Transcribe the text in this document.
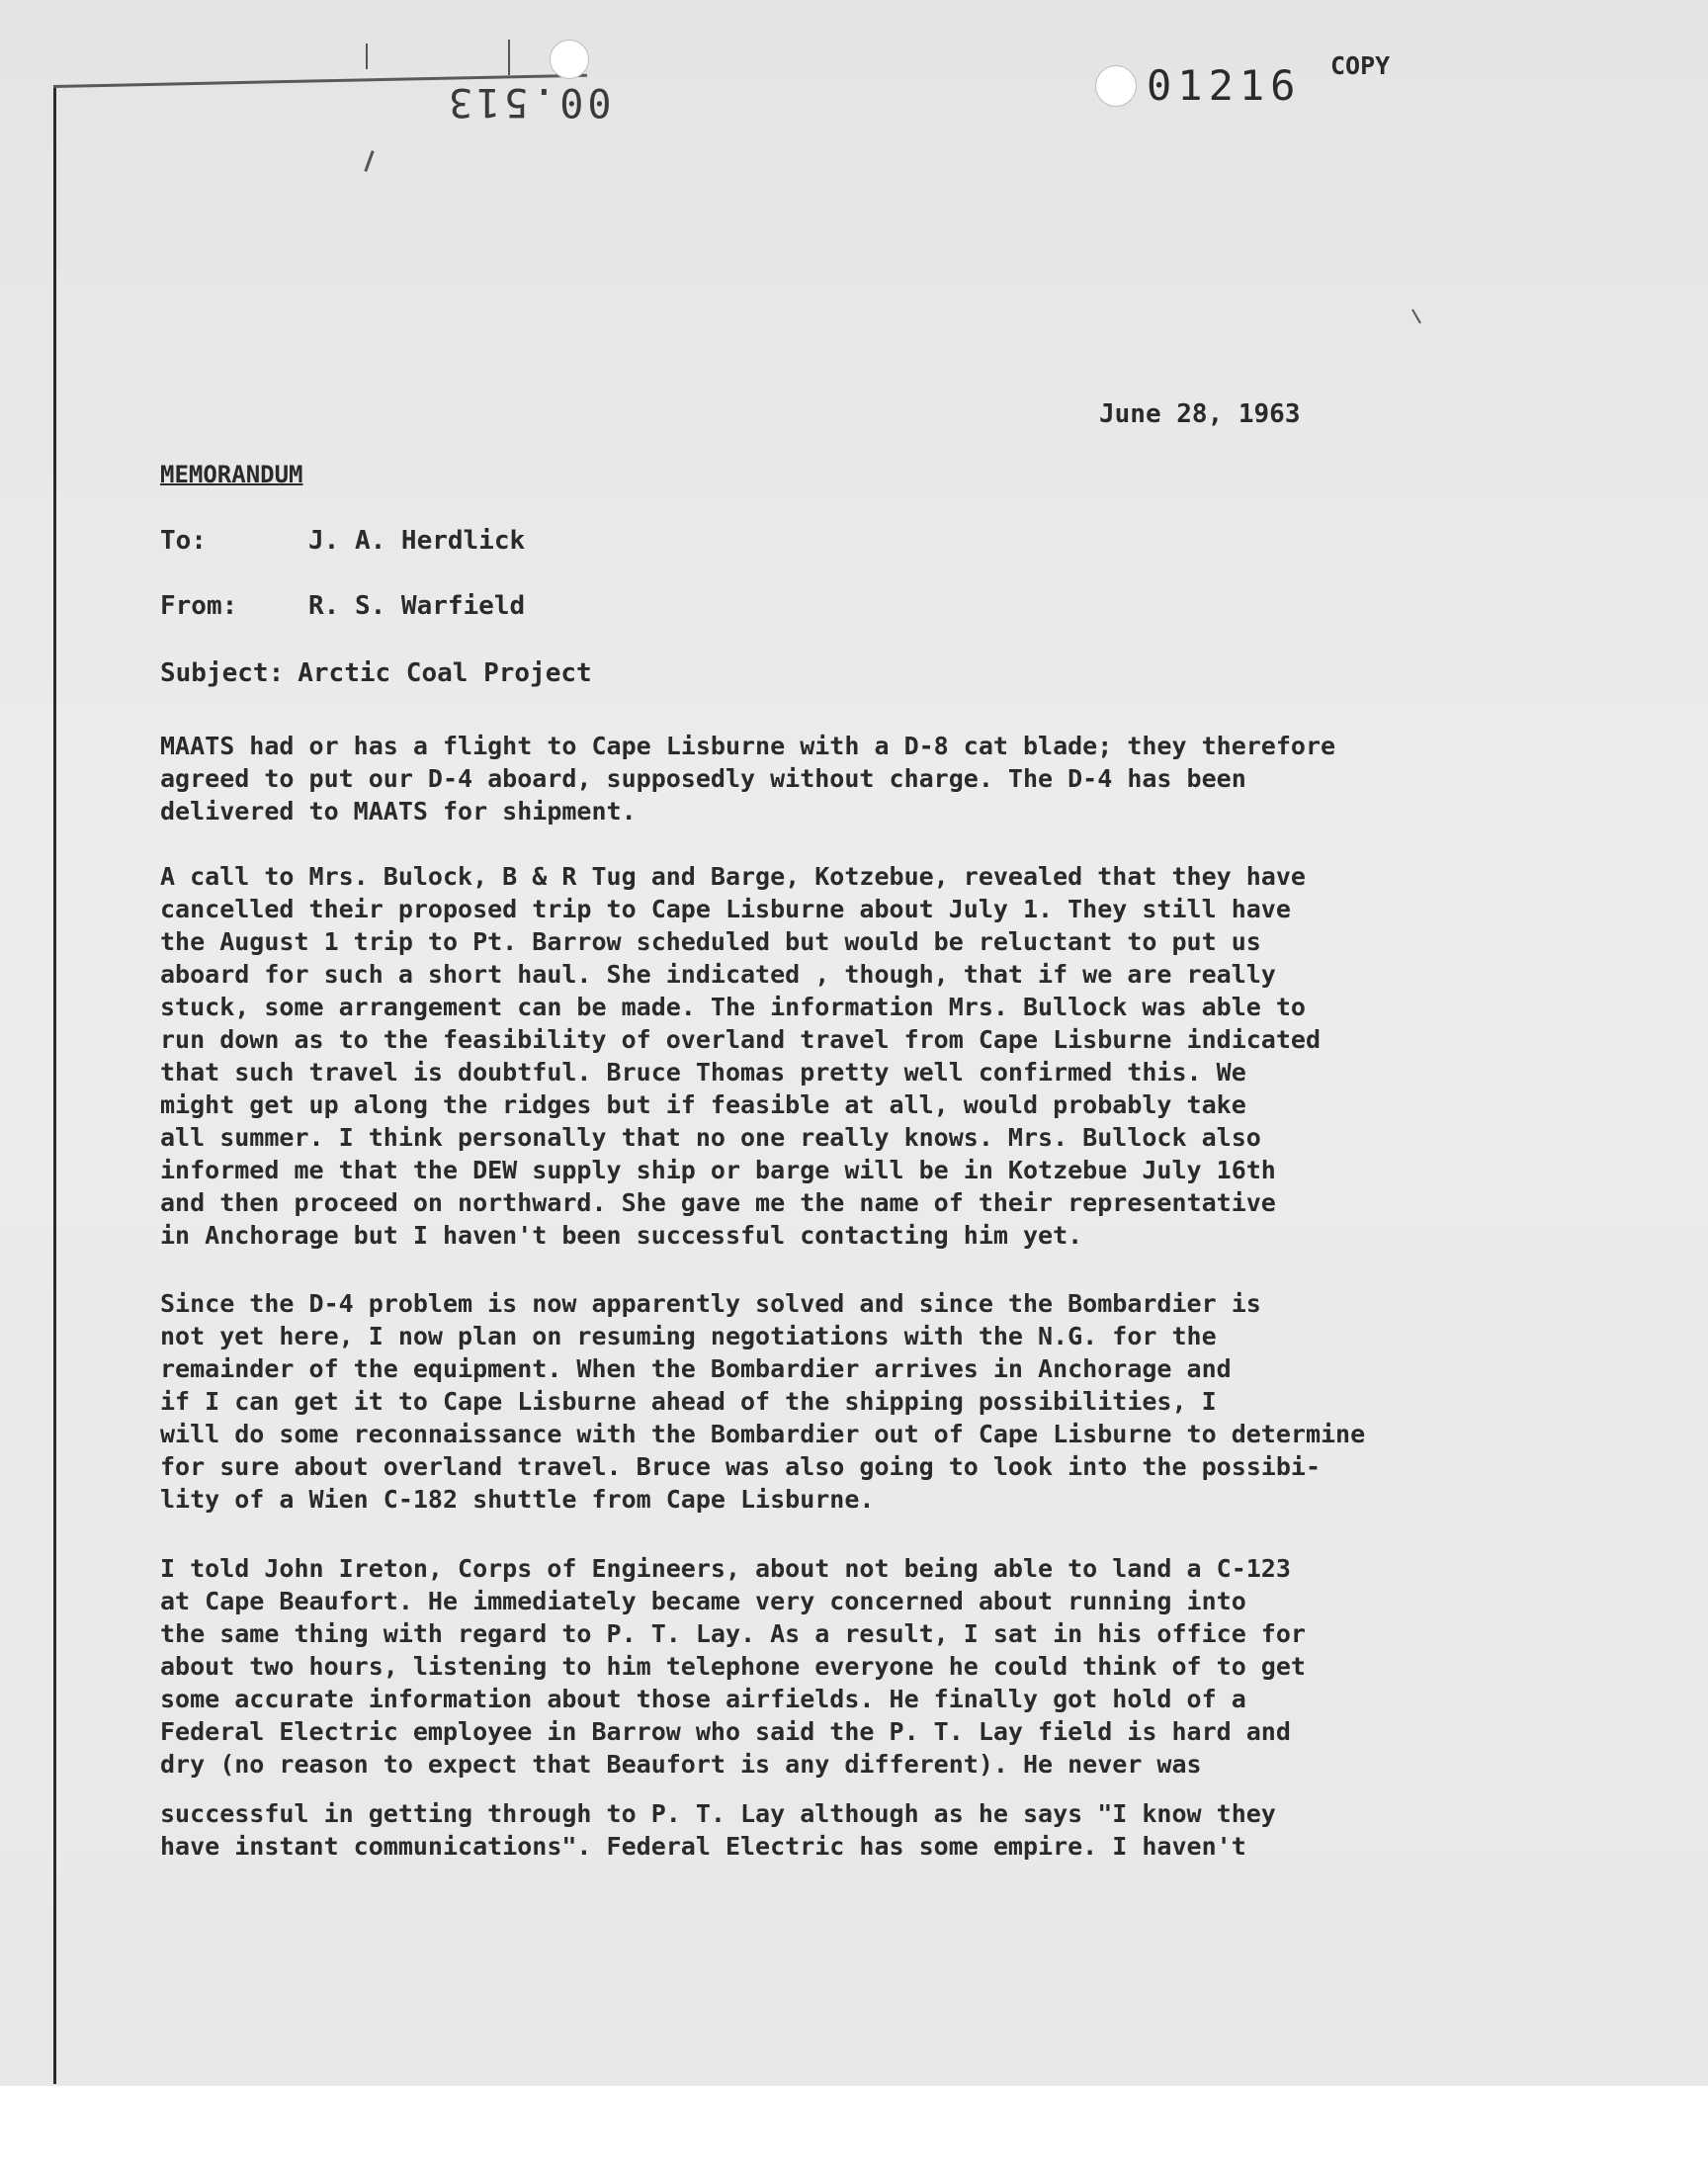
00.513	01216 COPY
June 28, 1963
MEMORANDUM
To:	J. A. Herdlick
From:	R. S. Warfield
Subject: Arctic Coal Project
MAATS had or has a flight to Cape Lisburne with a D-8 cat blade; they therefore
agreed to put our D-4 aboard, supposedly without charge. The D-4 has been
delivered to MAATS for shipment.
A call to Mrs. Bulock, B & R Tug and Barge, Kotzebue, revealed that they have
cancelled their proposed trip to Cape Lisburne about July 1. They still have
the August 1 trip to Pt. Barrow scheduled but would be reluctant to put us
aboard for such a short haul. She indicated , though, that if we are really
stuck, some arrangement can be made. The information Mrs. Bullock was able to
run down as to the feasibility of overland travel from Cape Lisburne indicated
that such travel is doubtful. Bruce Thomas pretty well confirmed this. We
might get up along the ridges but if feasible at all, would probably take
all summer. I think personally that no one really knows. Mrs. Bullock also
informed me that the DEW supply ship or barge will be in Kotzebue July 16th
and then proceed on northward. She gave me the name of their representative
in Anchorage but I haven't been successful contacting him yet.
Since the D-4 problem is now apparently solved and since the Bombardier is
not yet here, I now plan on resuming negotiations with the N.G. for the
remainder of the equipment. When the Bombardier arrives in Anchorage and
if I can get it to Cape Lisburne ahead of the shipping possibilities, I
will do some reconnaissance with the Bombardier out of Cape Lisburne to determine
for sure about overland travel. Bruce was also going to look into the possibi-
lity of a Wien C-182 shuttle from Cape Lisburne.
I told John Ireton, Corps of Engineers, about not being able to land a C-123
at Cape Beaufort. He immediately became very concerned about running into
the same thing with regard to P. T. Lay. As a result, I sat in his office for
about two hours, listening to him telephone everyone he could think of to get
some accurate information about those airfields. He finally got hold of a
Federal Electric employee in Barrow who said the P. T. Lay field is hard and
dry (no reason to expect that Beaufort is any different). He never was
successful in getting through to P. T. Lay although as he says "I know they
have instant communications". Federal Electric has some empire. I haven't
